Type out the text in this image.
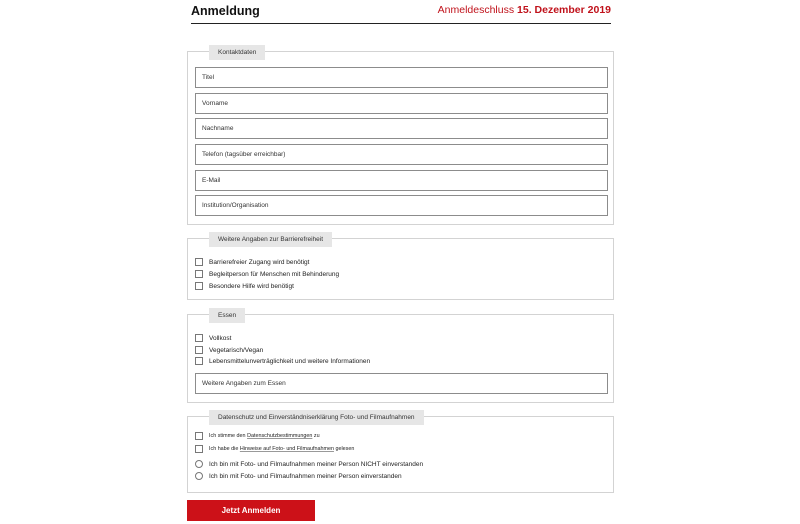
Anmeldung	Anmeldeschluss 15. Dezember 2019
Kontaktdaten
Titel
Vorname
Nachname
Telefon (tagsüber erreichbar)
E-Mail
Institution/Organisation
Weitere Angaben zur Barrierefreiheit
Barrierefreier Zugang wird benötigt
Begleitperson für Menschen mit Behinderung
Besondere Hilfe wird benötigt
Essen
Vollkost
Vegetarisch/Vegan
Lebensmittelunverträglichkeit und weitere Informationen
Weitere Angaben zum Essen
Datenschutz und Einverständniserklärung Foto- und Filmaufnahmen
Ich stimme den Datenschutzbestimmungen zu
Ich habe die Hinweise auf Foto- und Filmaufnahmen gelesen
Ich bin mit Foto- und Filmaufnahmen meiner Person NICHT einverstanden
Ich bin mit Foto- und Filmaufnahmen meiner Person einverstanden
Jetzt Anmelden
